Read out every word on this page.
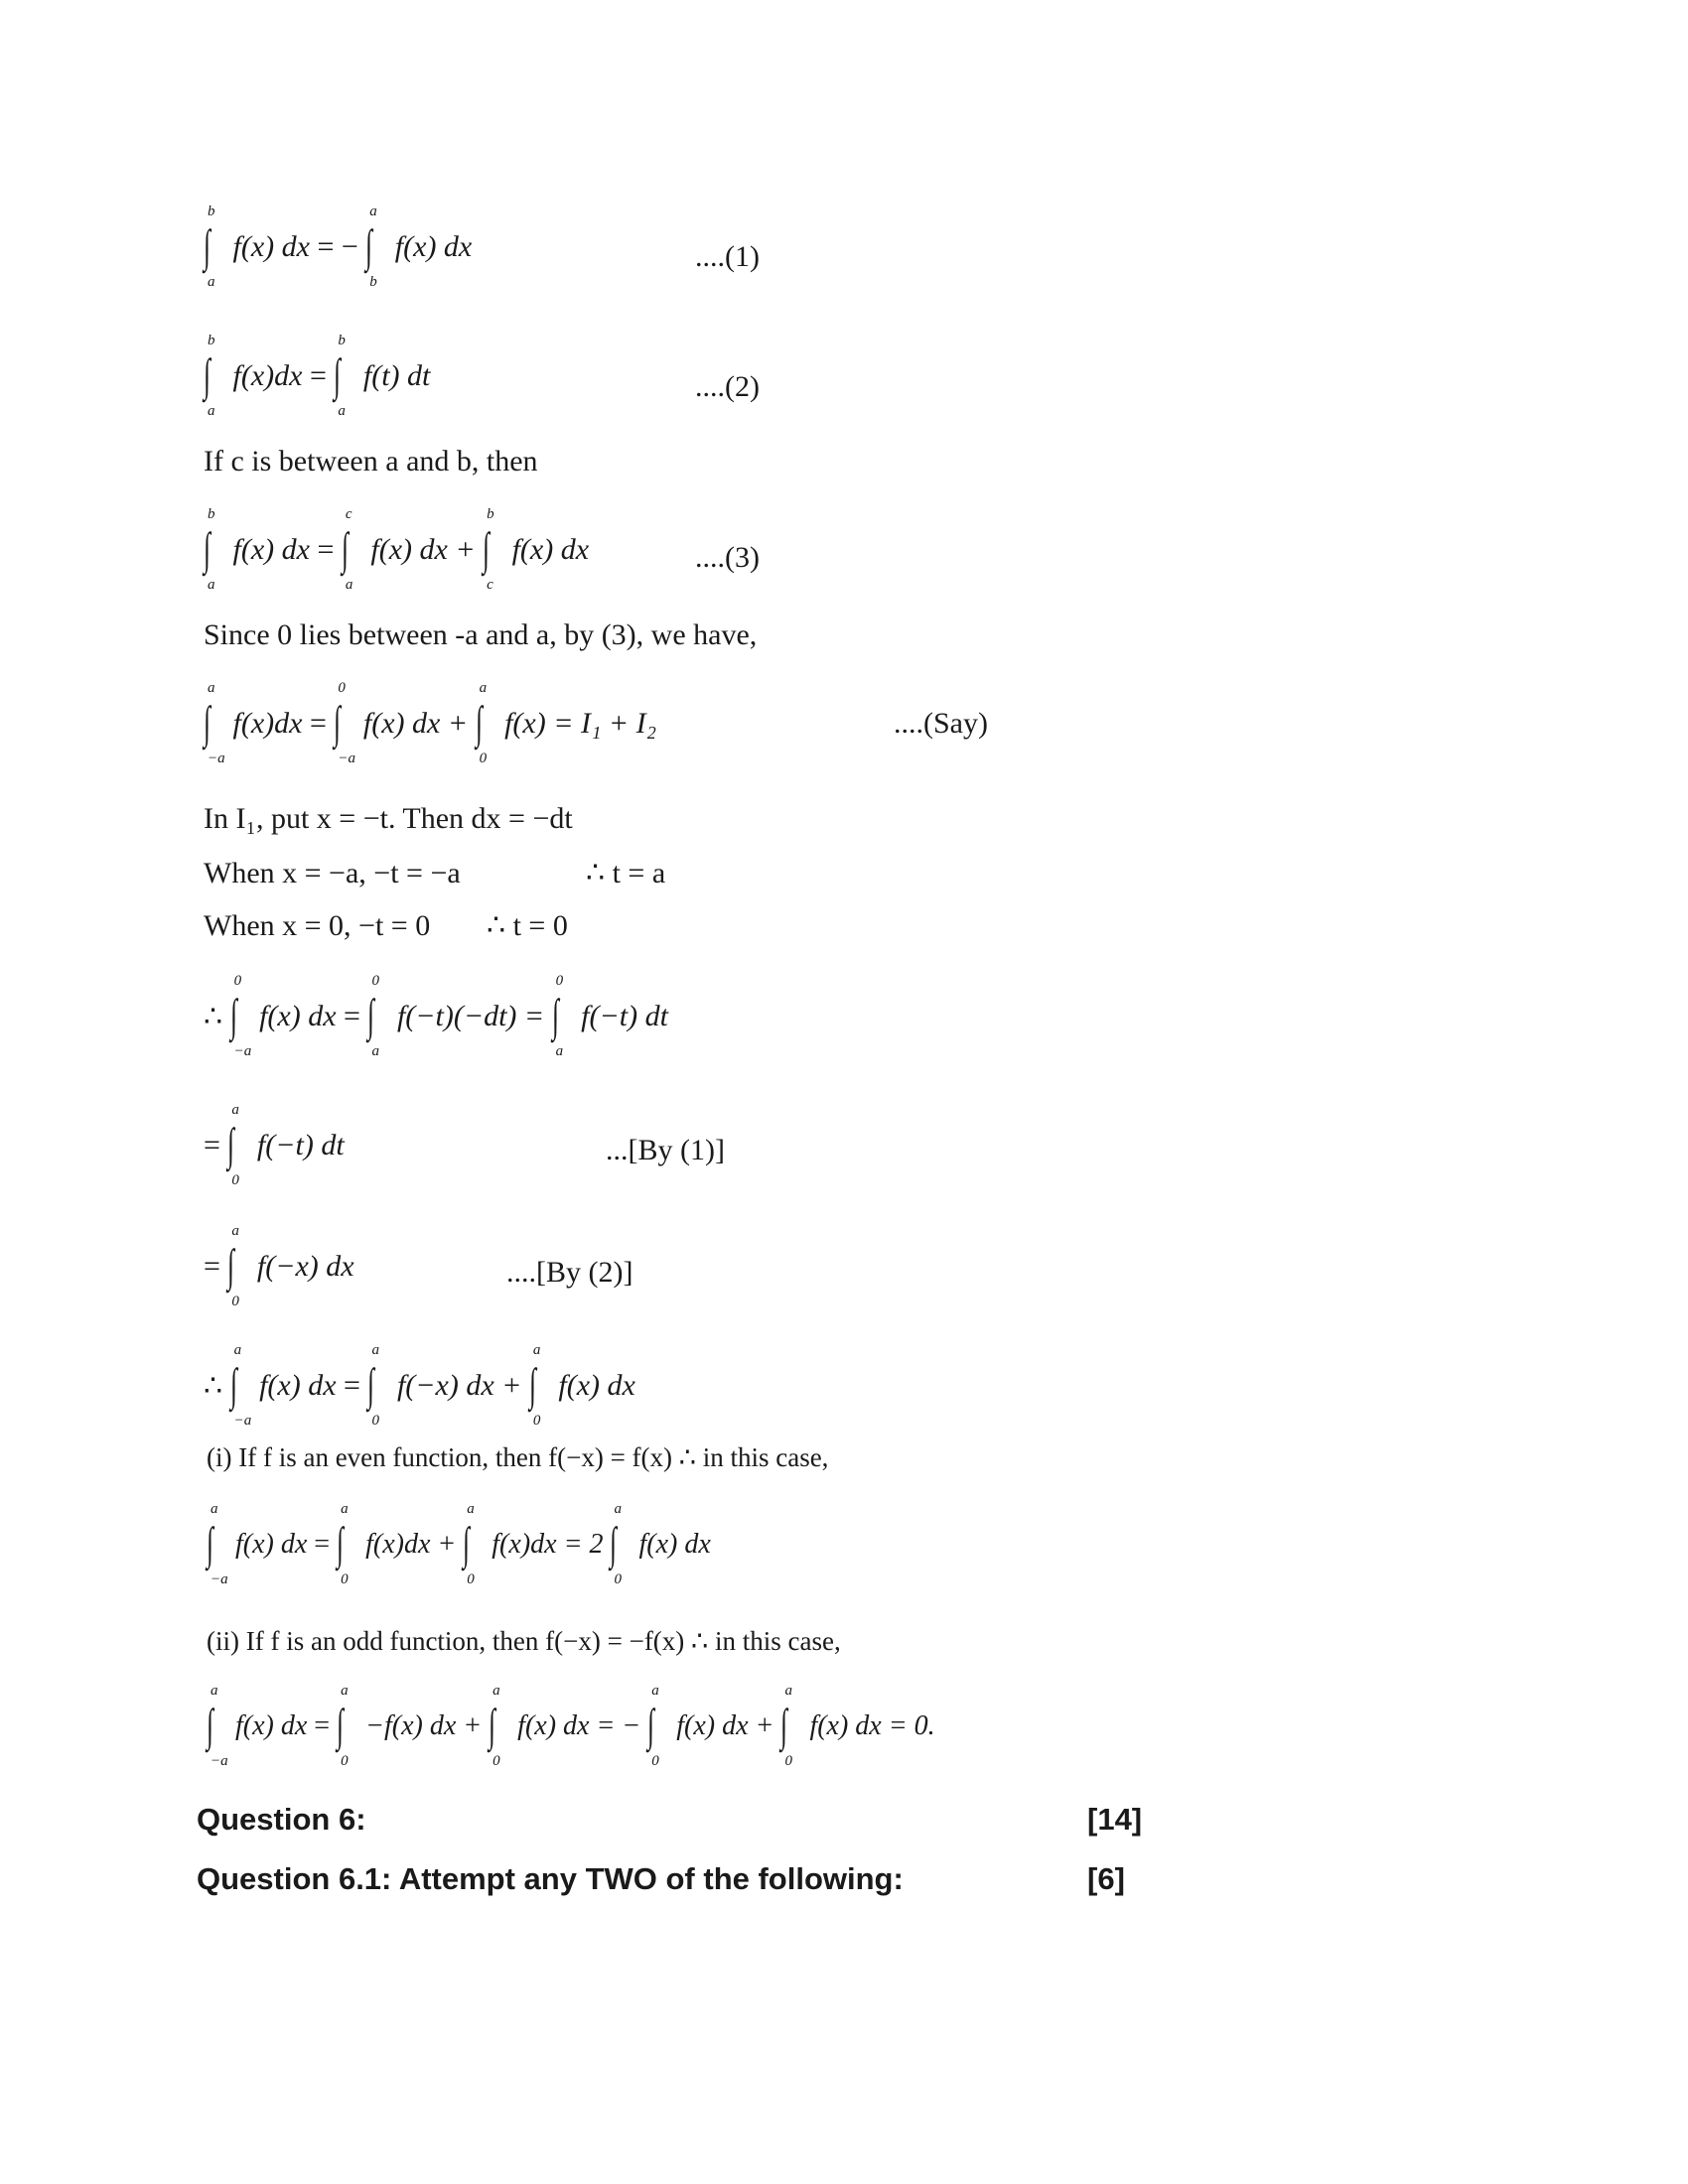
b
∫
a
f(x) dx = −
a
∫
b
f(x) dx	....(1)
b
∫
a
f(x)dx =
b
∫
a
f(t) dt	....(2)
If c is between a and b, then
b
∫
a
f(x) dx =
c
∫
a
f(x) dx +
b
∫
c
f(x) dx	....(3)
Since 0 lies between -a and a, by (3), we have,
a
∫
−a
f(x)dx =
0
∫
−a
f(x) dx +
a
∫
0
f(x) = I₁ + I₂	....(Say)
In I₁, put x = −t. Then dx = −dt
When x = −a, −t = −a	∴ t = a
When x = 0, −t = 0 ∴ t = 0
∴
0
∫
−a
f(x) dx =
0
∫
a
f(−t)(−dt) =
0
∫
a
f(−t) dt
=
a
∫
0
f(−t) dt	...[By (1)]
=
a
∫
0
f(−x) dx	....[By (2)]
∴
a
∫
−a
f(x) dx =
a
∫
0
f(−x) dx +
a
∫
0
f(x) dx
(i) If f is an even function, then f(−x) = f(x) ∴ in this case,
a
∫
−a
f(x) dx =
a
∫
0
f(x)dx +
a
∫
0
f(x)dx = 2
a
∫
0
f(x) dx
(ii) If f is an odd function, then f(−x) = −f(x) ∴ in this case,
a
∫
−a
f(x) dx =
a
∫
0
−f(x) dx +
a
∫
0
f(x) dx = −
a
∫
0
f(x) dx +
a
∫
0
f(x) dx = 0.
Question 6:	[14]
Question 6.1: Attempt any TWO of the following:	[6]
